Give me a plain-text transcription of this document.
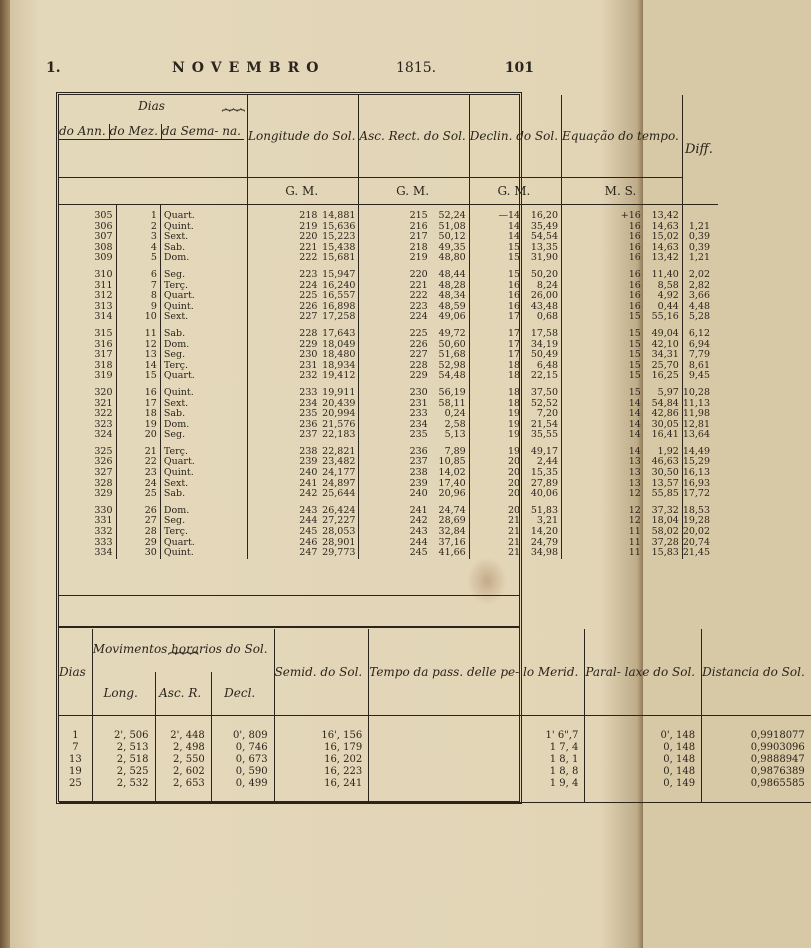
1.	NOVEMBRO	1815.	101
Dias
⏞⏞⏞
do Ann.	do Mez.	da Sema- na.
	Longitude do Sol.	Asc. Rect. do Sol.	Declin. do Sol.	Equação do tempo.	Diff.
	G. M.	G. M.	G. M.	M. S.

305	1	Quart.	218 14,881	215 52,24	—14 16,20	+16 13,42	
306	2	Quint.	219 15,636	216 51,08	14 35,49	16 14,63	1,21
307	3	Sext.	220 15,223	217 50,12	14 54,54	16 15,02	0,39
308	4	Sab.	221 15,438	218 49,35	15 13,35	16 14,63	0,39
309	5	Dom.	222 15,681	219 48,80	15 31,90	16 13,42	1,21

310	6	Seg.	223 15,947	220 48,44	15 50,20	16 11,40	2,02
311	7	Terç.	224 16,240	221 48,28	16 8,24	16 8,58	2,82
312	8	Quart.	225 16,557	222 48,34	16 26,00	16 4,92	3,66
313	9	Quint.	226 16,898	223 48,59	16 43,48	16 0,44	4,48
314	10	Sext.	227 17,258	224 49,06	17 0,68	15 55,16	5,28

315	11	Sab.	228 17,643	225 49,72	17 17,58	15 49,04	6,12
316	12	Dom.	229 18,049	226 50,60	17 34,19	15 42,10	6,94
317	13	Seg.	230 18,480	227 51,68	17 50,49	15 34,31	7,79
318	14	Terç.	231 18,934	228 52,98	18 6,48	15 25,70	8,61
319	15	Quart.	232 19,412	229 54,48	18 22,15	15 16,25	9,45

320	16	Quint.	233 19,911	230 56,19	18 37,50	15 5,97	10,28
321	17	Sext.	234 20,439	231 58,11	18 52,52	14 54,84	11,13
322	18	Sab.	235 20,994	233 0,24	19 7,20	14 42,86	11,98
323	19	Dom.	236 21,576	234 2,58	19 21,54	14 30,05	12,81
324	20	Seg.	237 22,183	235 5,13	19 35,55	14 16,41	13,64

325	21	Terç.	238 22,821	236 7,89	19 49,17	14 1,92	14,49
326	22	Quart.	239 23,482	237 10,85	20 2,44	13 46,63	15,29
327	23	Quint.	240 24,177	238 14,02	20 15,35	13 30,50	16,13
328	24	Sext.	241 24,897	239 17,40	20 27,89	13 13,57	16,93
329	25	Sab.	242 25,644	240 20,96	20 40,06	12 55,85	17,72

330	26	Dom.	243 26,424	241 24,74	20 51,83	12 37,32	18,53
331	27	Seg.	244 27,227	242 28,69	21 3,21	12 18,04	19,28
332	28	Terç.	245 28,053	243 32,84	21 14,20	11 58,02	20,02
333	29	Quart.	246 28,901	244 37,16	21 24,79	11 37,28	20,74
334	30	Quint.	247 29,773	245 41,66	21 34,98	11 15,83	21,45
Dias	Movimentos horarios do Sol.
⏞⏞⏞⏞			Semid. do Sol.	Tempo da pass. delle pe- lo Merid.	Paral- laxe do Sol.	Distancia do Sol.
	Long.	Asc. R.	Decl.				

1	2', 506	2', 448	0', 809	16', 156	1' 6",7	0', 148	0,9918077
7	2, 513	2, 498	0, 746	16, 179	1 7, 4	0, 148	0,9903096
13	2, 518	2, 550	0, 673	16, 202	1 8, 1	0, 148	0,9888947
19	2, 525	2, 602	0, 590	16, 223	1 8, 8	0, 148	0,9876389
25	2, 532	2, 653	0, 499	16, 241	1 9, 4	0, 149	0,9865585
